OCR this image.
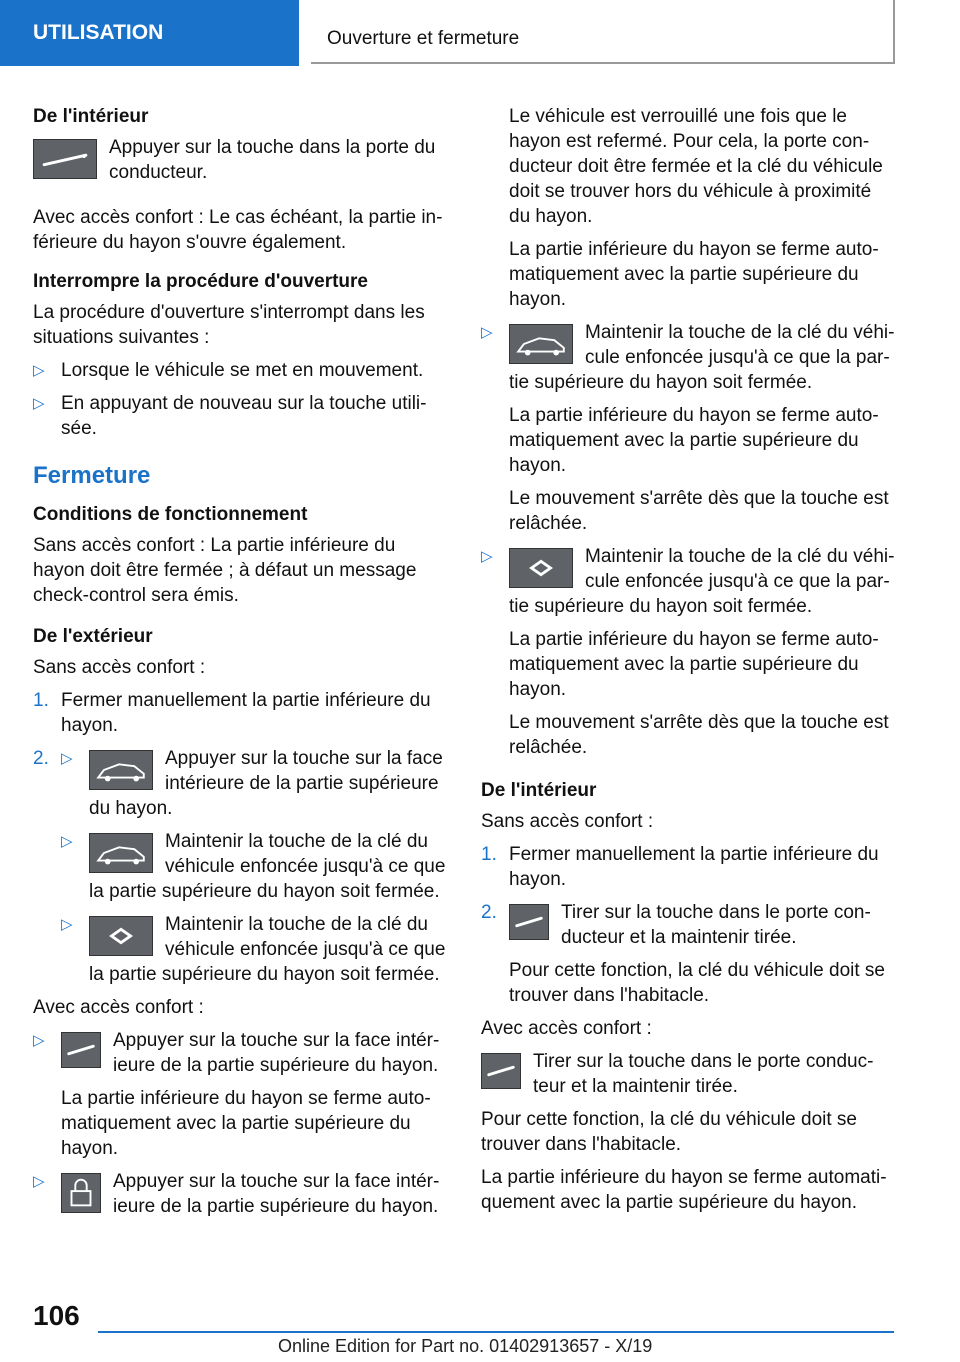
UTILISATION	Ouverture et fermeture
De l'intérieur

Appuyer sur la touche dans la porte du conducteur.

Avec accès confort : Le cas échéant, la partie inférieure du hayon s'ouvre également.

Interrompre la procédure d'ouverture

La procédure d'ouverture s'interrompt dans les situations suivantes :

▷ Lorsque le véhicule se met en mouvement.
▷ En appuyant de nouveau sur la touche utilisée.
Fermeture
Conditions de fonctionnement

Sans accès confort : La partie inférieure du hayon doit être fermée ; à défaut un message check-control sera émis.

De l'extérieur

Sans accès confort :

1. Fermer manuellement la partie inférieure du hayon.
2. ▷	Appuyer sur la touche sur la face intérieure de la partie supérieure du hayon.
▷	Maintenir la touche de la clé du véhicule enfoncée jusqu'à ce que la partie supérieure du hayon soit fermée.
▷	Maintenir la touche de la clé du véhicule enfoncée jusqu'à ce que la partie supérieure du hayon soit fermée.

Avec accès confort :

▷	Appuyer sur la touche sur la face intérieure de la partie supérieure du hayon.

La partie inférieure du hayon se ferme automatiquement avec la partie supérieure du hayon.

▷	Appuyer sur la touche sur la face intérieure de la partie supérieure du hayon.

Le véhicule est verrouillé une fois que le hayon est refermé. Pour cela, la porte conducteur doit être fermée et la clé du véhicule doit se trouver hors du véhicule à proximité du hayon.

La partie inférieure du hayon se ferme automatiquement avec la partie supérieure du hayon.

▷	Maintenir la touche de la clé du véhicule enfoncée jusqu'à ce que la partie supérieure du hayon soit fermée.

La partie inférieure du hayon se ferme automatiquement avec la partie supérieure du hayon.

Le mouvement s'arrête dès que la touche est relâchée.

▷	Maintenir la touche de la clé du véhicule enfoncée jusqu'à ce que la partie supérieure du hayon soit fermée.

La partie inférieure du hayon se ferme automatiquement avec la partie supérieure du hayon.

Le mouvement s'arrête dès que la touche est relâchée.

De l'intérieur

Sans accès confort :

1. Fermer manuellement la partie inférieure du hayon.
2.	Tirer sur la touche dans le porte conducteur et la maintenir tirée.

Pour cette fonction, la clé du véhicule doit se trouver dans l'habitacle.

Avec accès confort :

Tirer sur la touche dans le porte conducteur et la maintenir tirée.

Pour cette fonction, la clé du véhicule doit se trouver dans l'habitacle.

La partie inférieure du hayon se ferme automatiquement avec la partie supérieure du hayon.

106
Online Edition for Part no. 01402913657 - X/19
